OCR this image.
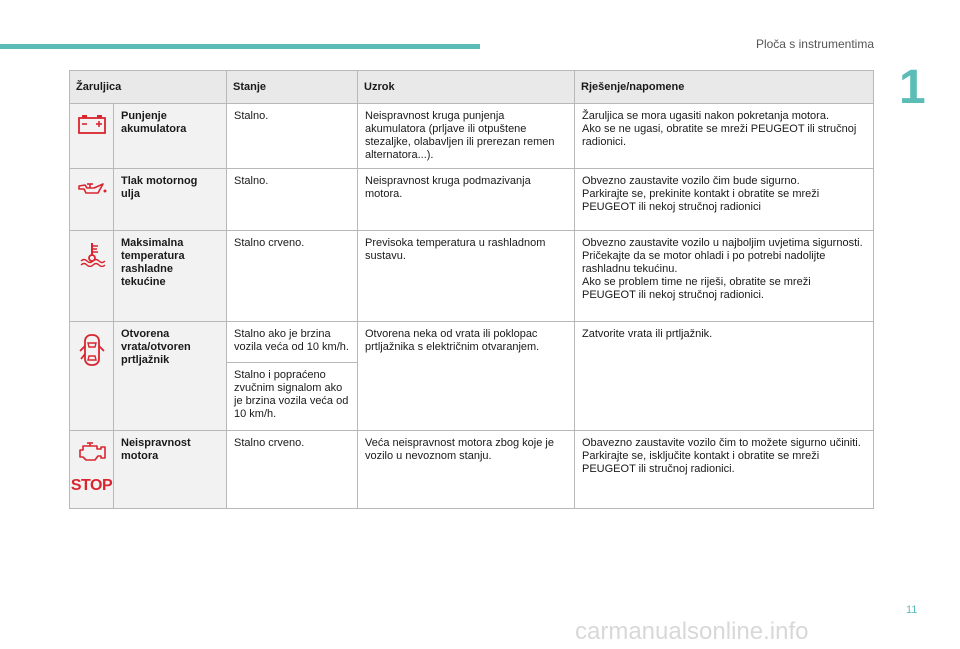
Ploča s instrumentima
1
Žaruljica		Stanje	Uzrok	Rješenje/napomene

	Punjenje akumulatora	Stalno.	Neispravnost kruga punjenja akumulatora (prljave ili otpuštene stezaljke, olabavljen ili prerezan remen alternatora...).	Žaruljica se mora ugasiti nakon pokretanja motora.
Ako se ne ugasi, obratite se mreži PEUGEOT ili stručnoj radionici.

	Tlak motornog ulja	Stalno.	Neispravnost kruga podmazivanja motora.	Obvezno zaustavite vozilo čim bude sigurno.
Parkirajte se, prekinite kontakt i obratite se mreži PEUGEOT ili nekoj stručnoj radionici

	Maksimalna temperatura rashladne tekućine	Stalno crveno.	Previsoka temperatura u rashladnom sustavu.	Obvezno zaustavite vozilo u najboljim uvjetima sigurnosti.
Pričekajte da se motor ohladi i po potrebi nadolijte rashladnu tekućinu.
Ako se problem time ne riješi, obratite se mreži PEUGEOT ili nekoj stručnoj radionici.

	Otvorena vrata/otvoren prtljažnik	Stalno ako je brzina vozila veća od 10 km/h.	Otvorena neka od vrata ili poklopac prtljažnika s električnim otvaranjem.	Zatvorite vrata ili prtljažnik.

		Stalno i popraćeno zvučnim signalom ako je brzina vozila veća od 10 km/h.		

STOP	Neispravnost motora	Stalno crveno.	Veća neispravnost motora zbog koje je vozilo u nevoznom stanju.	Obavezno zaustavite vozilo čim to možete sigurno učiniti.
Parkirajte se, isključite kontakt i obratite se mreži PEUGEOT ili stručnoj radionici.
11
carmanualsonline.info
